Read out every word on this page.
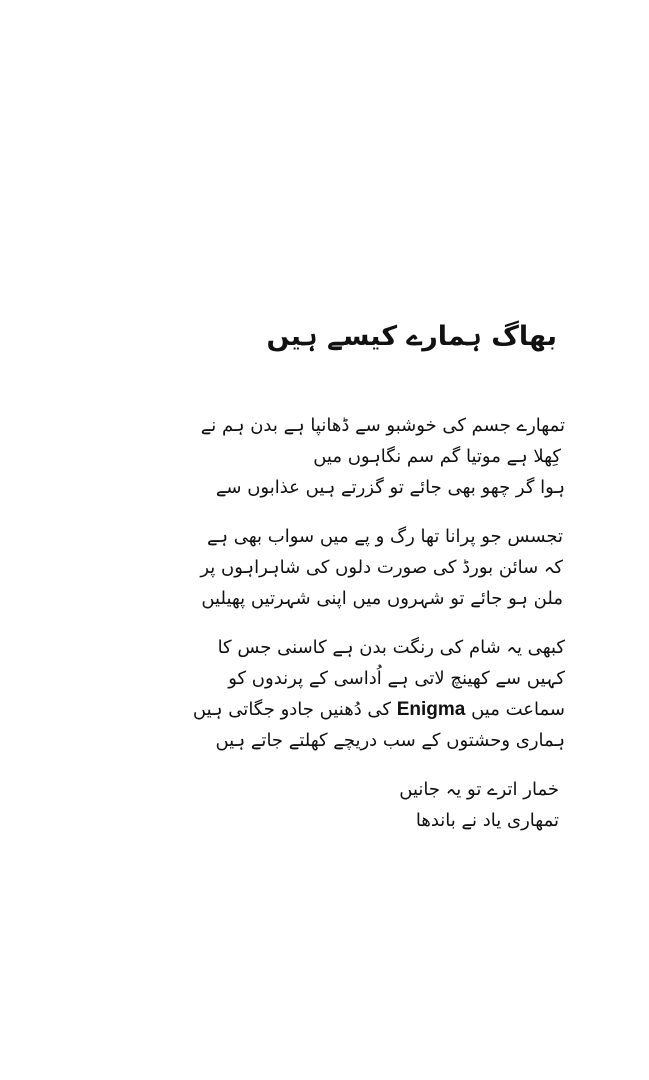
بھاگ ہمارے کیسے ہیں
تمھارے جسم کی خوشبو سے ڈھانپا ہے بدن ہم نے
کِھلا ہے موتیا گم سم نگاہوں میں
ہوا گر چھو بھی جائے تو گزرتے ہیں عذابوں سے
تجسس جو پرانا تھا رگ و پے میں سواب بھی ہے
کہ سائن بورڈ کی صورت دلوں کی شاہراہوں پر
ملن ہو جائے تو شہروں میں اپنی شہرتیں پھیلیں
کبھی یہ شام کی رنگت بدن ہے کاسنی جس کا
کہیں سے کھینچ لاتی ہے اُداسی کے پرندوں کو
سماعت میں Enigma کی دُھنیں جادو جگاتی ہیں
ہماری وحشتوں کے سب دریچے کھلتے جاتے ہیں
خمار اترے تو یہ جانیں
تمھاری یاد نے باندھا
